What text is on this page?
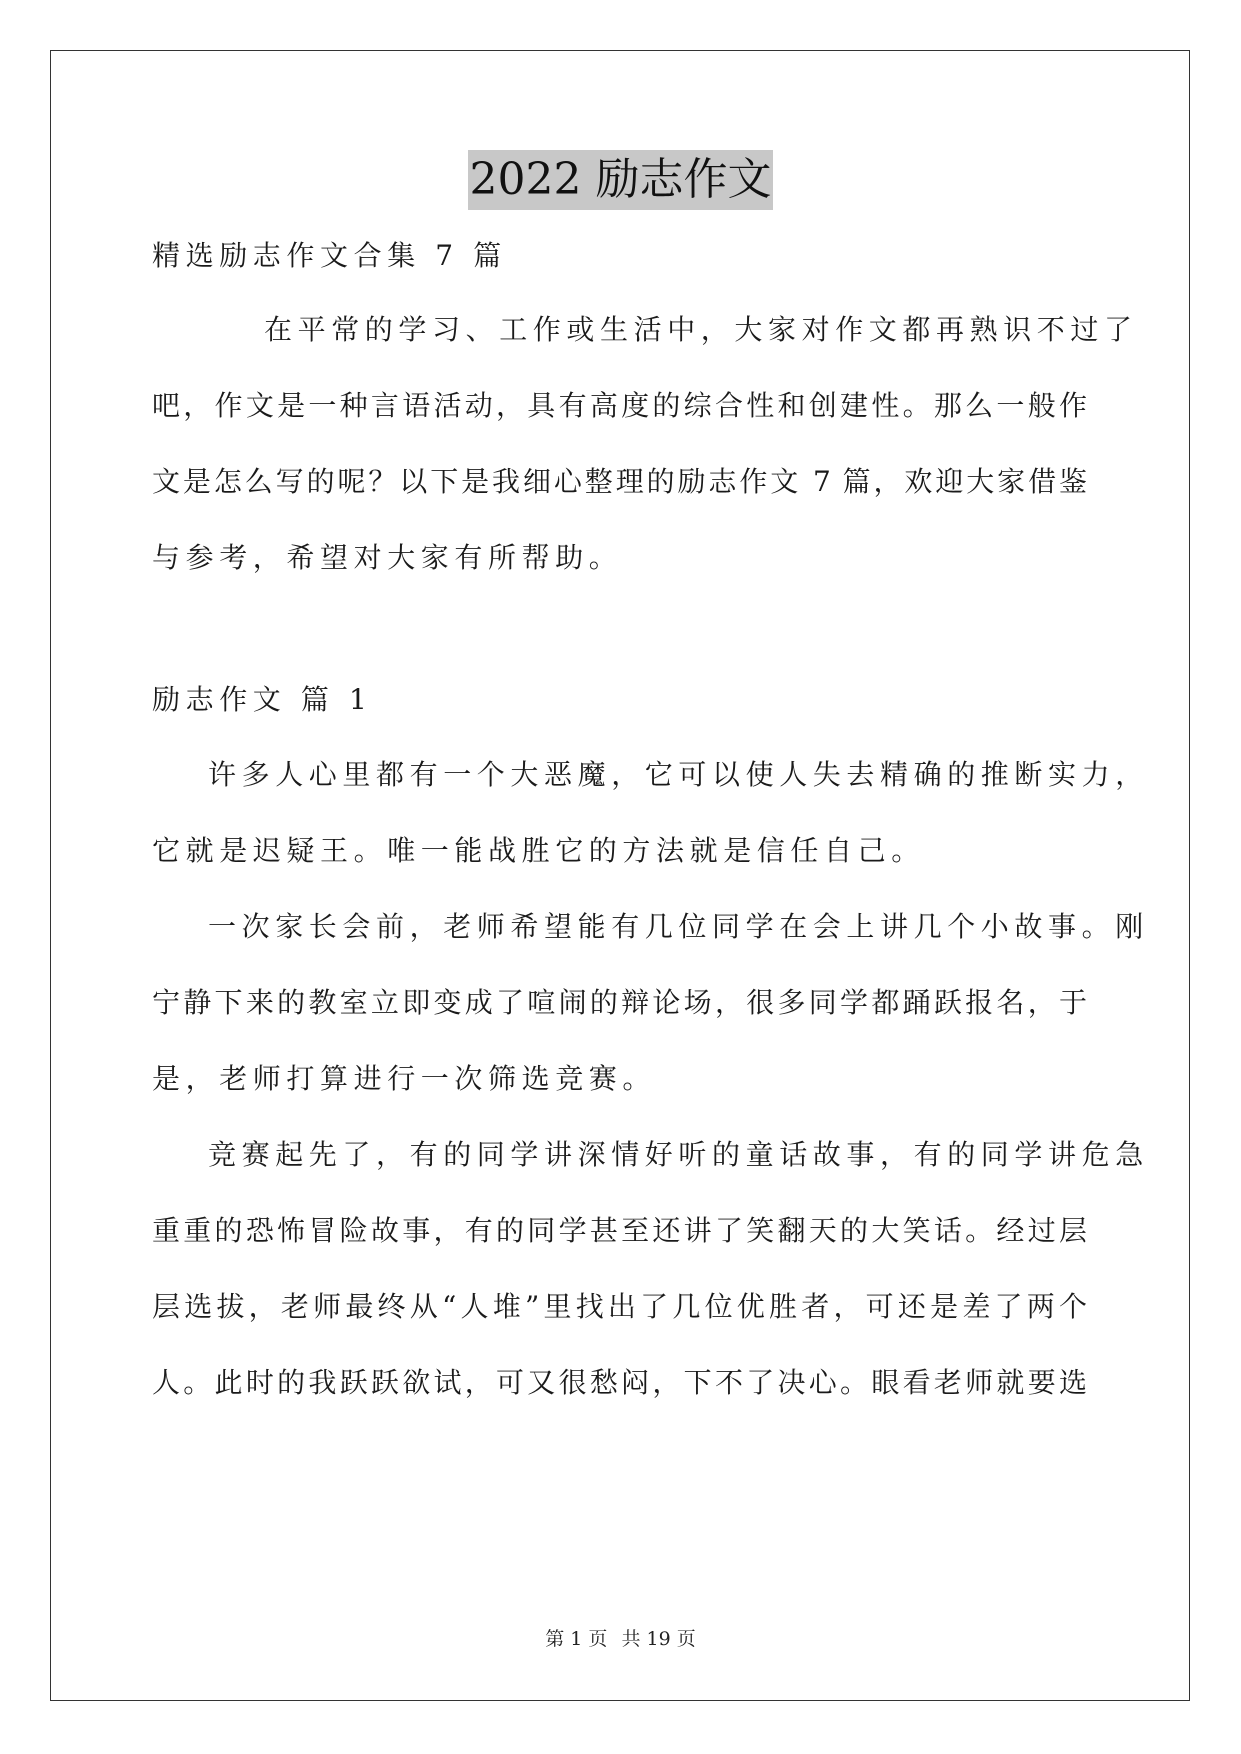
2022 励志作文
精选励志作文合集 7 篇
在平常的学习、工作或生活中，大家对作文都再熟识不过了
吧，作文是一种言语活动，具有高度的综合性和创建性。那么一般作
文是怎么写的呢？以下是我细心整理的励志作文 7 篇，欢迎大家借鉴
与参考，希望对大家有所帮助。
励志作文 篇 1
许多人心里都有一个大恶魔，它可以使人失去精确的推断实力，
它就是迟疑王。唯一能战胜它的方法就是信任自己。
一次家长会前，老师希望能有几位同学在会上讲几个小故事。刚
宁静下来的教室立即变成了喧闹的辩论场，很多同学都踊跃报名，于
是，老师打算进行一次筛选竞赛。
竞赛起先了，有的同学讲深情好听的童话故事，有的同学讲危急
重重的恐怖冒险故事，有的同学甚至还讲了笑翻天的大笑话。经过层
层选拔，老师最终从“人堆”里找出了几位优胜者，可还是差了两个
人。此时的我跃跃欲试，可又很愁闷，下不了决心。眼看老师就要选
第 1 页 共 19 页
